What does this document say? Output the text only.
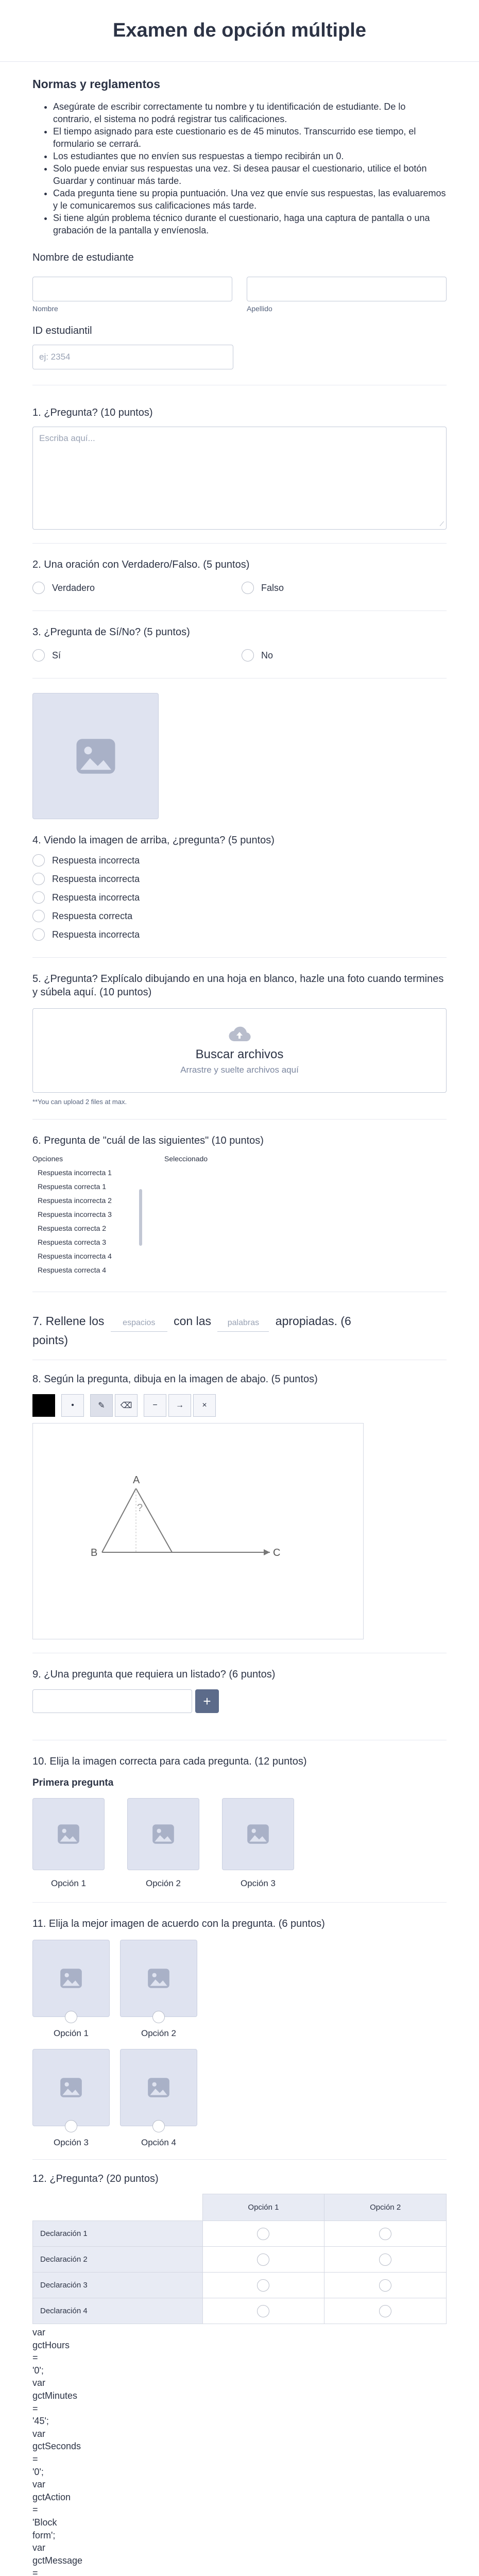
Examen de opción múltiple
Normas y reglamentos
• Asegúrate de escribir correctamente tu nombre y tu identificación de estudiante. De lo contrario, el sistema no podrá registrar tus calificaciones.
• El tiempo asignado para este cuestionario es de 45 minutos. Transcurrido ese tiempo, el formulario se cerrará.
• Los estudiantes que no envíen sus respuestas a tiempo recibirán un 0.
• Solo puede enviar sus respuestas una vez. Si desea pausar el cuestionario, utilice el botón Guardar y continuar más tarde.
• Cada pregunta tiene su propia puntuación. Una vez que envíe sus respuestas, las evaluaremos y le comunicaremos sus calificaciones más tarde.
• Si tiene algún problema técnico durante el cuestionario, haga una captura de pantalla o una grabación de la pantalla y envíenosla.
Nombre de estudiante
Nombre	Apellido
ID estudiantil
ej: 2354
1. ¿Pregunta? (10 puntos)
Escriba aquí...
⟋
2. Una oración con Verdadero/Falso. (5 puntos)
Verdadero	Falso
3. ¿Pregunta de Sí/No? (5 puntos)
Sí	No
4. Viendo la imagen de arriba, ¿pregunta? (5 puntos)
Respuesta incorrecta
Respuesta incorrecta
Respuesta incorrecta
Respuesta correcta
Respuesta incorrecta
5. ¿Pregunta? Explícalo dibujando en una hoja en blanco, hazle una foto cuando termines y súbela aquí. (10 puntos)
Buscar archivos
Arrastre y suelte archivos aquí
**You can upload 2 files at max.
6. Pregunta de "cuál de las siguientes" (10 puntos)
Opciones	Seleccionado
Respuesta incorrecta 1
Respuesta correcta 1
Respuesta incorrecta 2
Respuesta incorrecta 3
Respuesta correcta 2
Respuesta correcta 3
Respuesta incorrecta 4
Respuesta correcta 4
7. Rellene los espacios con las palabras apropiadas. (6
points)
8. Según la pregunta, dibuja en la imagen de abajo. (5 puntos)
•	✎	⌫	−	→	×
A
B	C
?
9. ¿Una pregunta que requiera un listado? (6 puntos)
+
10. Elija la imagen correcta para cada pregunta. (12 puntos)
Primera pregunta
Opción 1	Opción 2	Opción 3
11. Elija la mejor imagen de acuerdo con la pregunta. (6 puntos)
Opción 1	Opción 2
Opción 3	Opción 4
12. ¿Pregunta? (20 puntos)
	Opción 1	Opción 2
Declaración 1	

Declaración 2	

Declaración 3	

Declaración 4	

var
gctHours
=
'0';
var
gctMinutes
=
'45';
var
gctSeconds
=
'0';
var
gctAction
=
'Block
form';
var
gctMessage
=
